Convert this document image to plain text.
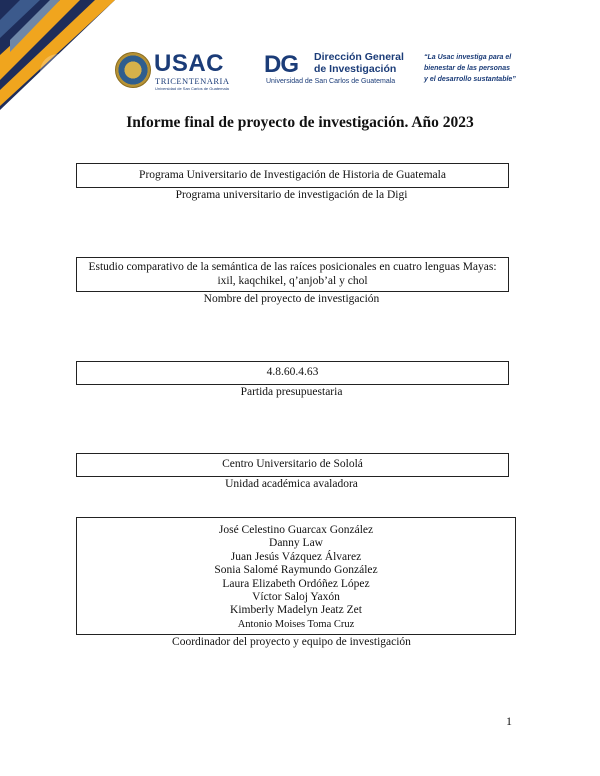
USAC
TRICENTENARIA
Universidad de San Carlos de Guatemala
DG Dirección General
de Investigación
Universidad de San Carlos de Guatemala
“La Usac investiga para el
bienestar de las personas
y el desarrollo sustantable”
Informe final de proyecto de investigación. Año 2023
Programa Universitario de Investigación de Historia de Guatemala
Programa universitario de investigación de la Digi
Estudio comparativo de la semántica de las raíces posicionales en cuatro lenguas Mayas:
ixil, kaqchikel, q’anjob’al y chol
Nombre del proyecto de investigación
4.8.60.4.63
Partida presupuestaria
Centro Universitario de Sololá
Unidad académica avaladora
José Celestino Guarcax González
Danny Law
Juan Jesús Vázquez Álvarez
Sonia Salomé Raymundo González
Laura Elizabeth Ordóñez López
Víctor Saloj Yaxón
Kimberly Madelyn Jeatz Zet
Antonio Moises Toma Cruz
Coordinador del proyecto y equipo de investigación
1
